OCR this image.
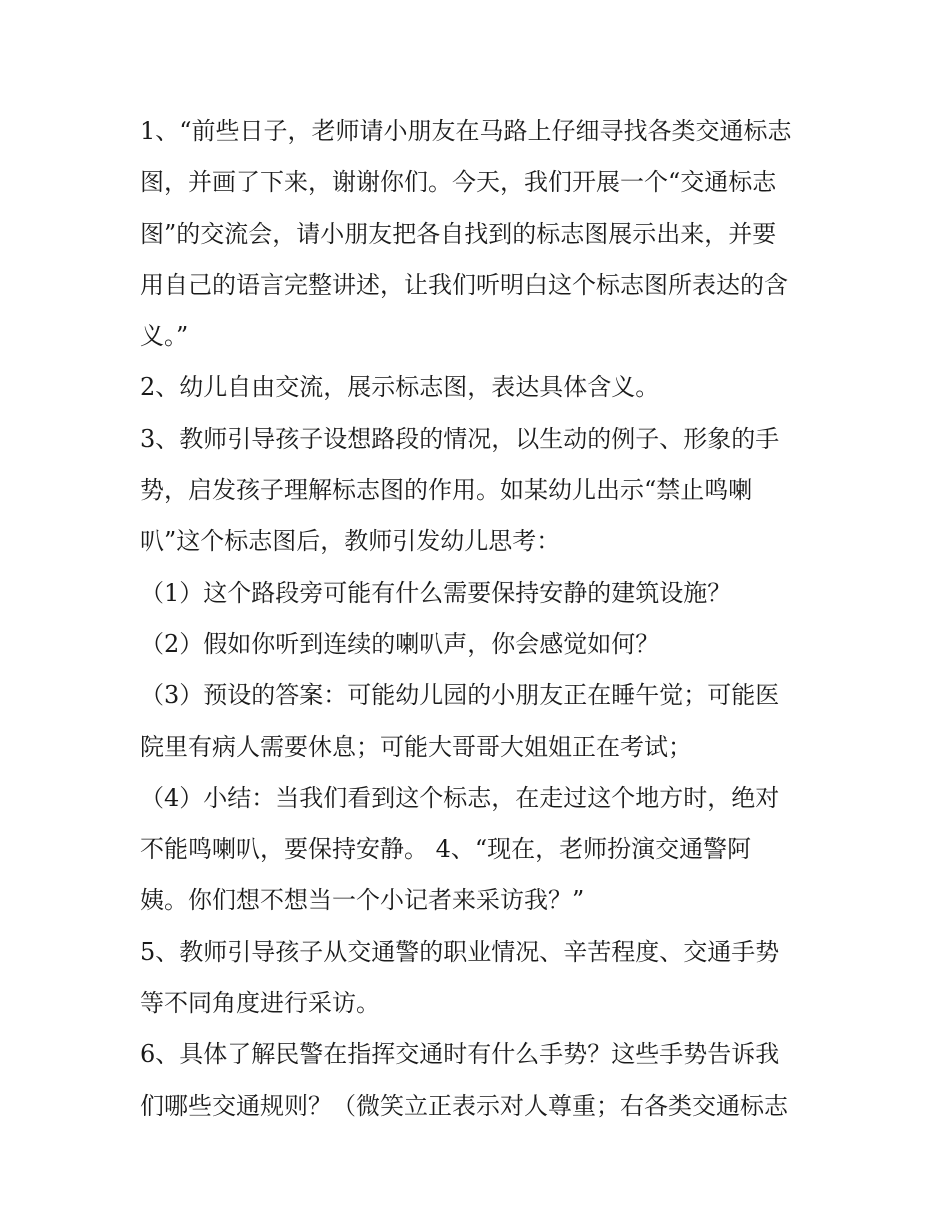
1、“前些日子，老师请小朋友在马路上仔细寻找各类交通标志
图，并画了下来，谢谢你们。今天，我们开展一个“交通标志
图”的交流会，请小朋友把各自找到的标志图展示出来，并要
用自己的语言完整讲述，让我们听明白这个标志图所表达的含
义。”
2、幼儿自由交流，展示标志图，表达具体含义。
3、教师引导孩子设想路段的情况，以生动的例子、形象的手
势，启发孩子理解标志图的作用。如某幼儿出示“禁止鸣喇
叭”这个标志图后，教师引发幼儿思考：
（1）这个路段旁可能有什么需要保持安静的建筑设施？
（2）假如你听到连续的喇叭声，你会感觉如何？
（3）预设的答案：可能幼儿园的小朋友正在睡午觉；可能医
院里有病人需要休息；可能大哥哥大姐姐正在考试；
（4）小结：当我们看到这个标志，在走过这个地方时，绝对
不能鸣喇叭，要保持安静。 4、“现在，老师扮演交通警阿
姨。你们想不想当一个小记者来采访我？”
5、教师引导孩子从交通警的职业情况、辛苦程度、交通手势
等不同角度进行采访。
6、具体了解民警在指挥交通时有什么手势？这些手势告诉我
们哪些交通规则？（微笑立正表示对人尊重；右各类交通标志
